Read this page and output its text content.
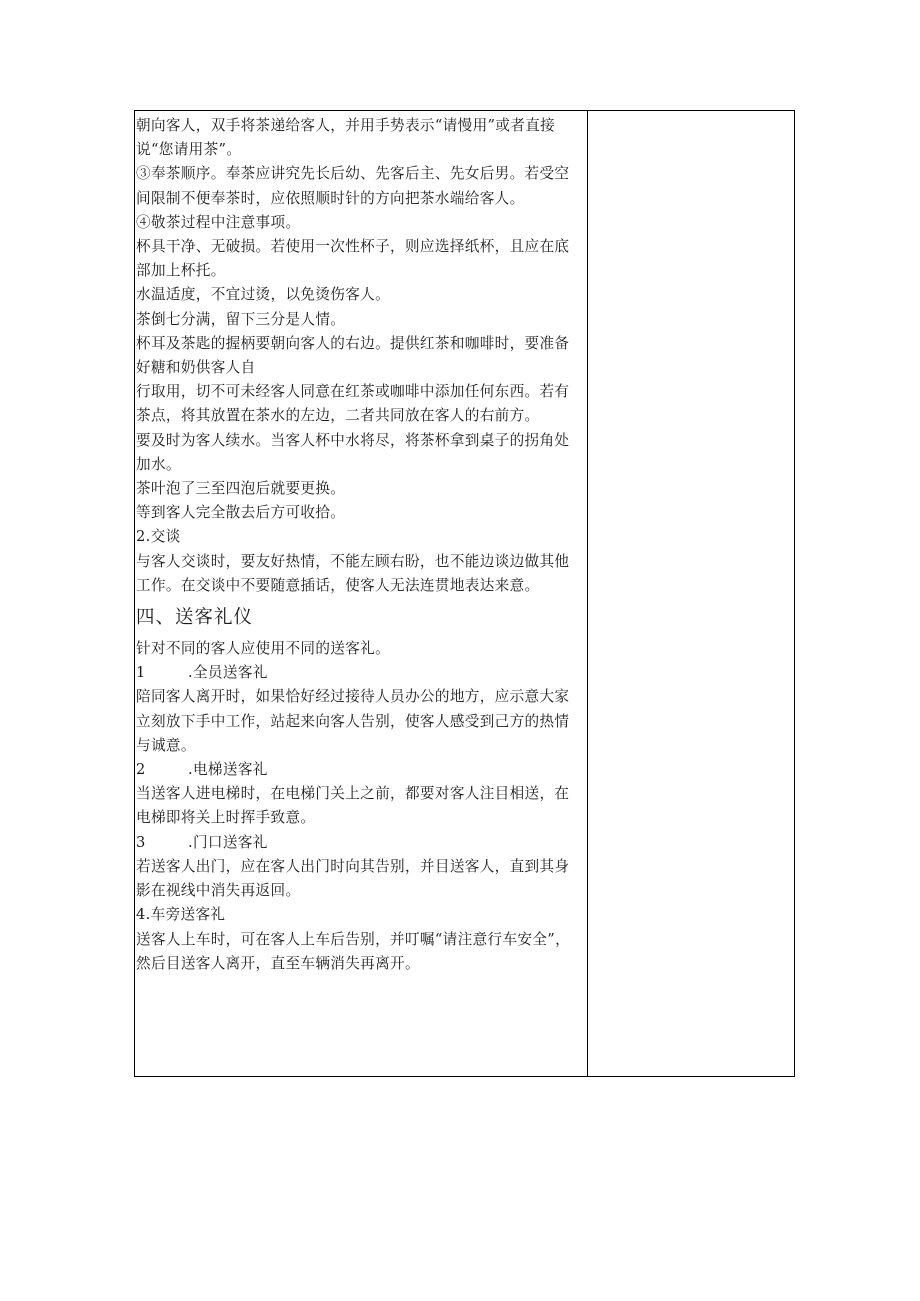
朝向客人，双手将茶递给客人，并用手势表示“请慢用”或者直接

说“您请用茶”。

③奉茶顺序。奉茶应讲究先长后幼、先客后主、先女后男。若受空

间限制不便奉茶时，应依照顺时针的方向把茶水端给客人。

④敬茶过程中注意事项。

杯具干净、无破损。若使用一次性杯子，则应选择纸杯，且应在底

部加上杯托。

水温适度，不宜过烫，以免烫伤客人。

茶倒七分满，留下三分是人情。

杯耳及茶匙的握柄要朝向客人的右边。提供红茶和咖啡时，要准备

好糖和奶供客人自

行取用，切不可未经客人同意在红茶或咖啡中添加任何东西。若有

茶点，将其放置在茶水的左边，二者共同放在客人的右前方。

要及时为客人续水。当客人杯中水将尽，将茶杯拿到桌子的拐角处

加水。

茶叶泡了三至四泡后就要更换。

等到客人完全散去后方可收拾。

2.交谈

与客人交谈时，要友好热情，不能左顾右盼，也不能边谈边做其他

工作。在交谈中不要随意插话，使客人无法连贯地表达来意。

四、送客礼仪

针对不同的客人应使用不同的送客礼。

1	.全员送客礼

陪同客人离开时，如果恰好经过接待人员办公的地方，应示意大家

立刻放下手中工作，站起来向客人告别，使客人感受到己方的热情

与诚意。

2	.电梯送客礼

当送客人进电梯时，在电梯门关上之前，都要对客人注目相送，在

电梯即将关上时挥手致意。

3	.门口送客礼

若送客人出门，应在客人出门时向其告别，并目送客人，直到其身

影在视线中消失再返回。

4.车旁送客礼

送客人上车时，可在客人上车后告别，并叮嘱“请注意行车安全”，

然后目送客人离开，直至车辆消失再离开。
